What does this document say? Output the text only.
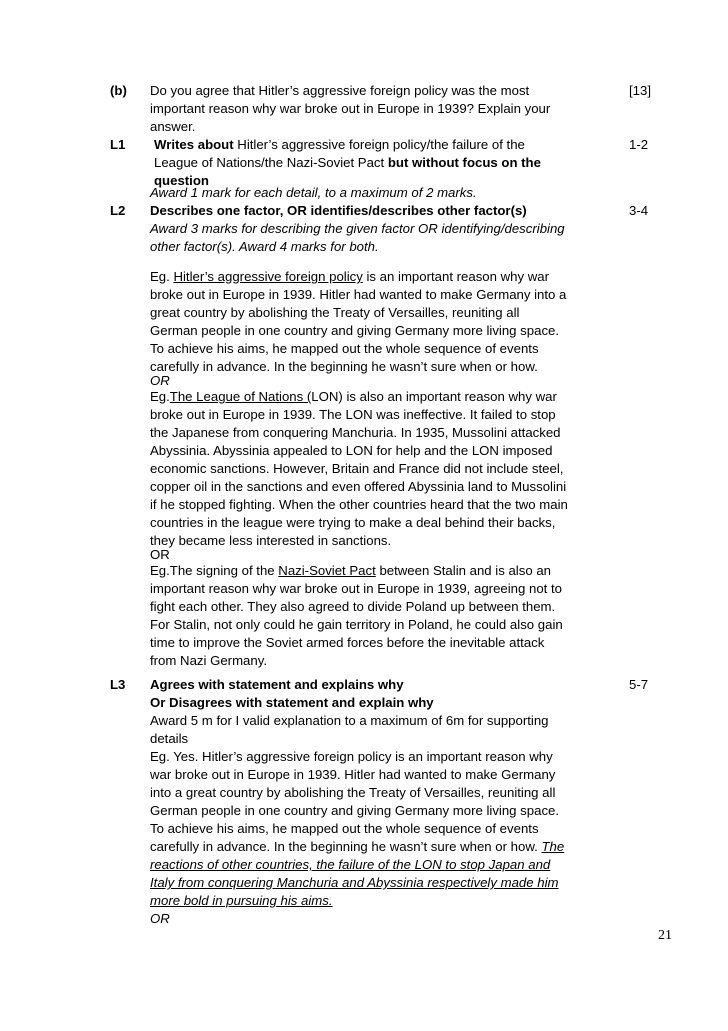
(b)
L1
L2
L3
[13]
1-2
3-4
5-7
Do you agree that Hitler’s aggressive foreign policy was the most
important reason why war broke out in Europe in 1939? Explain your
answer.
Writes about Hitler’s aggressive foreign policy/the failure of the
League of Nations/the Nazi-Soviet Pact but without focus on the
question
Award 1 mark for each detail, to a maximum of 2 marks.
Describes one factor, OR identifies/describes other factor(s)
Award 3 marks for describing the given factor OR identifying/describing
other factor(s). Award 4 marks for both.
Eg. Hitler’s aggressive foreign policy is an important reason why war
broke out in Europe in 1939. Hitler had wanted to make Germany into a
great country by abolishing the Treaty of Versailles, reuniting all
German people in one country and giving Germany more living space.
To achieve his aims, he mapped out the whole sequence of events
carefully in advance. In the beginning he wasn’t sure when or how.
OR
Eg.The League of Nations (LON) is also an important reason why war
broke out in Europe in 1939. The LON was ineffective. It failed to stop
the Japanese from conquering Manchuria. In 1935, Mussolini attacked
Abyssinia. Abyssinia appealed to LON for help and the LON imposed
economic sanctions. However, Britain and France did not include steel,
copper oil in the sanctions and even offered Abyssinia land to Mussolini
if he stopped fighting. When the other countries heard that the two main
countries in the league were trying to make a deal behind their backs,
they became less interested in sanctions.
OR
Eg.The signing of the Nazi-Soviet Pact between Stalin and is also an
important reason why war broke out in Europe in 1939, agreeing not to
fight each other. They also agreed to divide Poland up between them.
For Stalin, not only could he gain territory in Poland, he could also gain
time to improve the Soviet armed forces before the inevitable attack
from Nazi Germany.
Agrees with statement and explains why
Or Disagrees with statement and explain why
Award 5 m for I valid explanation to a maximum of 6m for supporting
details
Eg. Yes. Hitler’s aggressive foreign policy is an important reason why
war broke out in Europe in 1939. Hitler had wanted to make Germany
into a great country by abolishing the Treaty of Versailles, reuniting all
German people in one country and giving Germany more living space.
To achieve his aims, he mapped out the whole sequence of events
carefully in advance. In the beginning he wasn’t sure when or how. The
reactions of other countries, the failure of the LON to stop Japan and
Italy from conquering Manchuria and Abyssinia respectively made him
more bold in pursuing his aims.
OR
21
